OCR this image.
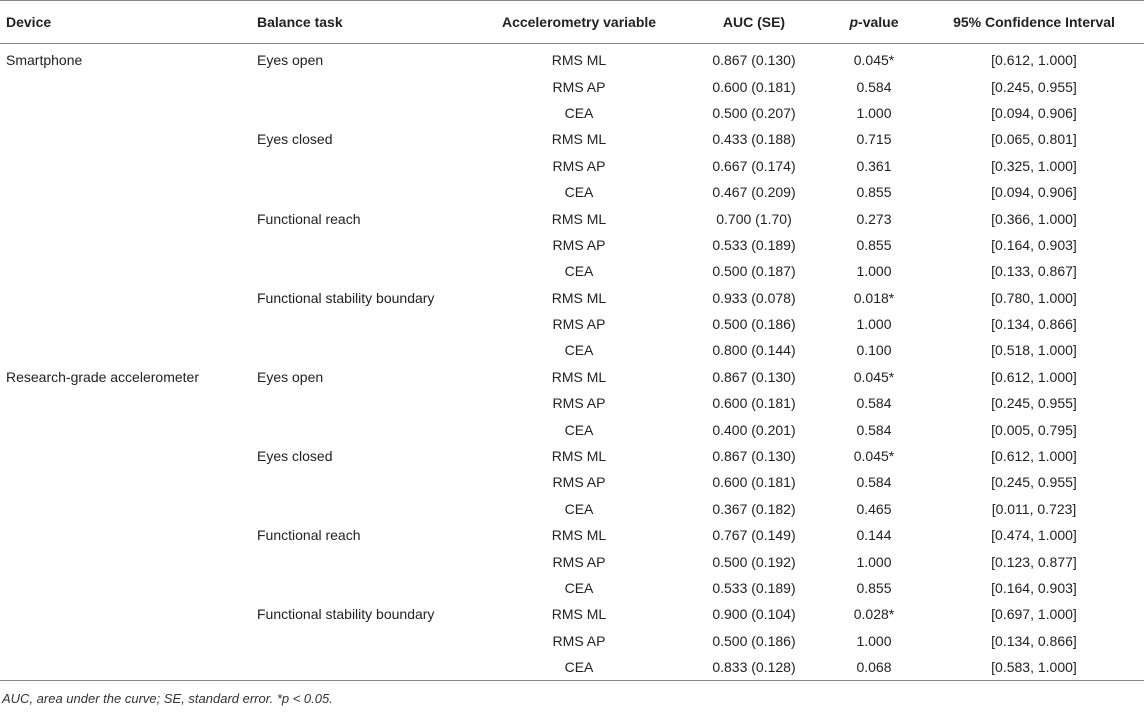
Device	Balance task	Accelerometry variable	AUC (SE)	p-value	95% Confidence Interval
Smartphone	Eyes open	RMS ML	0.867 (0.130)	0.045*	[0.612, 1.000]
		RMS AP	0.600 (0.181)	0.584	[0.245, 0.955]
		CEA	0.500 (0.207)	1.000	[0.094, 0.906]
	Eyes closed	RMS ML	0.433 (0.188)	0.715	[0.065, 0.801]
		RMS AP	0.667 (0.174)	0.361	[0.325, 1.000]
		CEA	0.467 (0.209)	0.855	[0.094, 0.906]
	Functional reach	RMS ML	0.700 (1.70)	0.273	[0.366, 1.000]
		RMS AP	0.533 (0.189)	0.855	[0.164, 0.903]
		CEA	0.500 (0.187)	1.000	[0.133, 0.867]
	Functional stability boundary	RMS ML	0.933 (0.078)	0.018*	[0.780, 1.000]
		RMS AP	0.500 (0.186)	1.000	[0.134, 0.866]
		CEA	0.800 (0.144)	0.100	[0.518, 1.000]
Research-grade accelerometer	Eyes open	RMS ML	0.867 (0.130)	0.045*	[0.612, 1.000]
		RMS AP	0.600 (0.181)	0.584	[0.245, 0.955]
		CEA	0.400 (0.201)	0.584	[0.005, 0.795]
	Eyes closed	RMS ML	0.867 (0.130)	0.045*	[0.612, 1.000]
		RMS AP	0.600 (0.181)	0.584	[0.245, 0.955]
		CEA	0.367 (0.182)	0.465	[0.011, 0.723]
	Functional reach	RMS ML	0.767 (0.149)	0.144	[0.474, 1.000]
		RMS AP	0.500 (0.192)	1.000	[0.123, 0.877]
		CEA	0.533 (0.189)	0.855	[0.164, 0.903]
	Functional stability boundary	RMS ML	0.900 (0.104)	0.028*	[0.697, 1.000]
		RMS AP	0.500 (0.186)	1.000	[0.134, 0.866]
		CEA	0.833 (0.128)	0.068	[0.583, 1.000]
AUC, area under the curve; SE, standard error. *p < 0.05.
